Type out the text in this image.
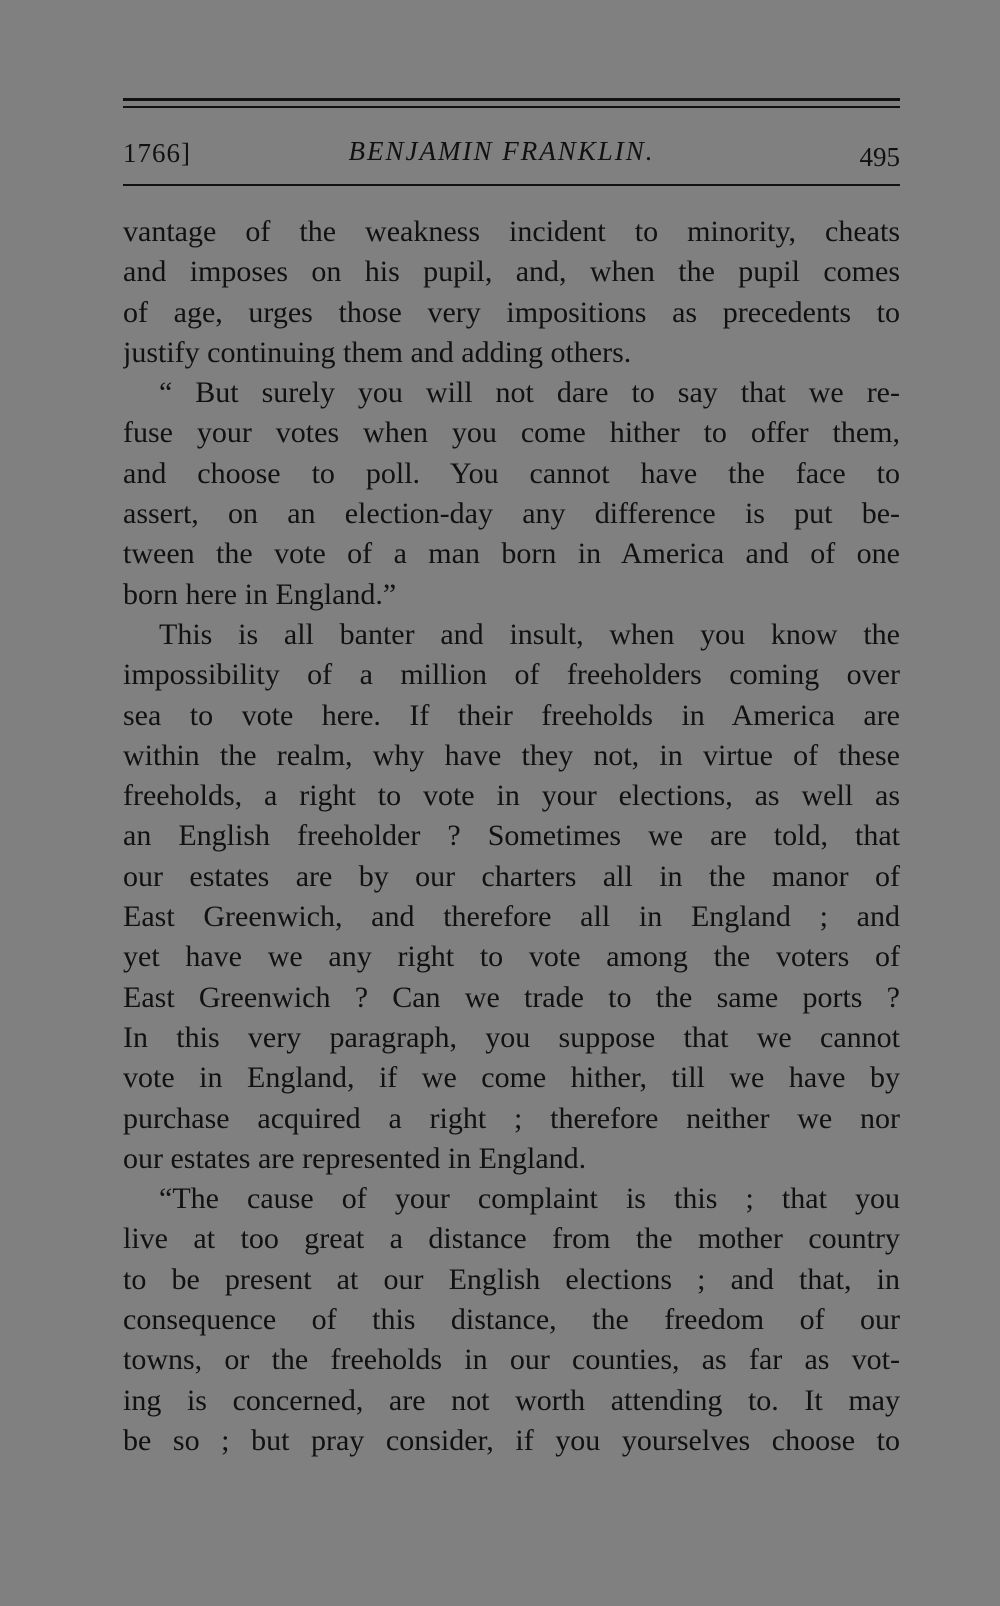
1766]	BENJAMIN FRANKLIN.	495
vantage of the weakness incident to minority, cheats
and imposes on his pupil, and, when the pupil comes
of age, urges those very impositions as precedents to
justify continuing them and adding others.
“ But surely you will not dare to say that we re-
fuse your votes when you come hither to offer them,
and choose to poll. You cannot have the face to
assert, on an election-day any difference is put be-
tween the vote of a man born in America and of one
born here in England.”
This is all banter and insult, when you know the
impossibility of a million of freeholders coming over
sea to vote here. If their freeholds in America are
within the realm, why have they not, in virtue of these
freeholds, a right to vote in your elections, as well as
an English freeholder ? Sometimes we are told, that
our estates are by our charters all in the manor of
East Greenwich, and therefore all in England ; and
yet have we any right to vote among the voters of
East Greenwich ? Can we trade to the same ports ?
In this very paragraph, you suppose that we cannot
vote in England, if we come hither, till we have by
purchase acquired a right ; therefore neither we nor
our estates are represented in England.
“The cause of your complaint is this ; that you
live at too great a distance from the mother country
to be present at our English elections ; and that, in
consequence of this distance, the freedom of our
towns, or the freeholds in our counties, as far as vot-
ing is concerned, are not worth attending to. It may
be so ; but pray consider, if you yourselves choose to
